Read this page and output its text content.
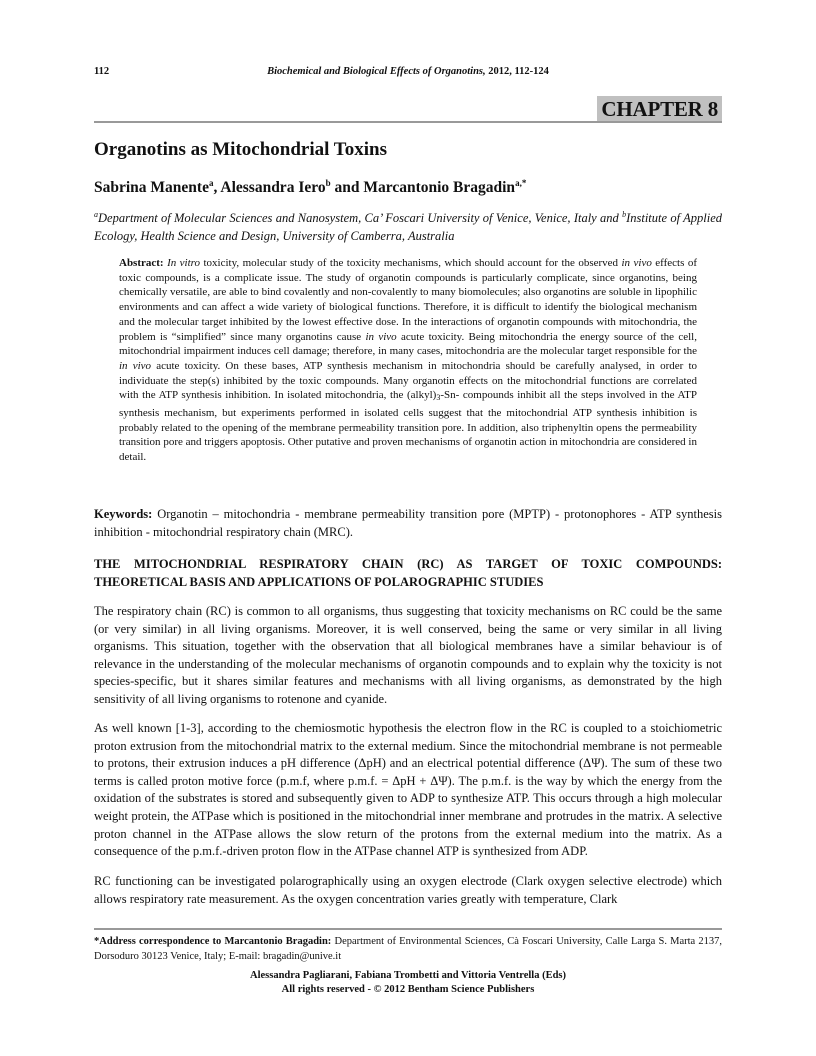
112	Biochemical and Biological Effects of Organotins, 2012, 112-124
CHAPTER 8
Organotins as Mitochondrial Toxins
Sabrina Manente$^a$, Alessandra Iero$^b$ and Marcantonio Bragadin$^{a,*}$
$^a$Department of Molecular Sciences and Nanosystem, Ca’ Foscari University of Venice, Venice, Italy and $^b$Institute of Applied Ecology, Health Science and Design, University of Camberra, Australia
Abstract: In vitro toxicity, molecular study of the toxicity mechanisms, which should account for the observed in vivo effects of toxic compounds, is a complicate issue. The study of organotin compounds is particularly complicate, since organotins, being chemically versatile, are able to bind covalently and non-covalently to many biomolecules; also organotins are soluble in lipophilic environments and can affect a wide variety of biological functions. Therefore, it is difficult to identify the biological mechanism and the molecular target inhibited by the lowest effective dose. In the interactions of organotin compounds with mitochondria, the problem is “simplified” since many organotins cause in vivo acute toxicity. Being mitochondria the energy source of the cell, mitochondrial impairment induces cell damage; therefore, in many cases, mitochondria are the molecular target responsible for the in vivo acute toxicity. On these bases, ATP synthesis mechanism in mitochondria should be carefully analysed, in order to individuate the step(s) inhibited by the toxic compounds. Many organotin effects on the mitochondrial functions are correlated with the ATP synthesis inhibition. In isolated mitochondria, the $(alkyl)_3-Sn-$ compounds inhibit all the steps involved in the ATP synthesis mechanism, but experiments performed in isolated cells suggest that the mitochondrial ATP synthesis inhibition is probably related to the opening of the membrane permeability transition pore. In addition, also triphenyltin opens the permeability transition pore and triggers apoptosis. Other putative and proven mechanisms of organotin action in mitochondria are considered in detail.
Keywords: Organotin – mitochondria - membrane permeability transition pore (MPTP) - protonophores - ATP synthesis inhibition - mitochondrial respiratory chain (MRC).
THE MITOCHONDRIAL RESPIRATORY CHAIN (RC) AS TARGET OF TOXIC COMPOUNDS: THEORETICAL BASIS AND APPLICATIONS OF POLAROGRAPHIC STUDIES
The respiratory chain (RC) is common to all organisms, thus suggesting that toxicity mechanisms on RC could be the same (or very similar) in all living organisms. Moreover, it is well conserved, being the same or very similar in all living organisms. This situation, together with the observation that all biological membranes have a similar behaviour is of relevance in the understanding of the molecular mechanisms of organotin compounds and to explain why the toxicity is not species-specific, but it shares similar features and mechanisms with all living organisms, as demonstrated by the high sensitivity of all living organisms to rotenone and cyanide.
As well known [1-3], according to the chemiosmotic hypothesis the electron flow in the RC is coupled to a stoichiometric proton extrusion from the mitochondrial matrix to the external medium. Since the mitochondrial membrane is not permeable to protons, their extrusion induces a pH difference (ΔpH) and an electrical potential difference (ΔΨ). The sum of these two terms is called proton motive force (p.m.f, where p.m.f. = ΔpH + ΔΨ). The p.m.f. is the way by which the energy from the oxidation of the substrates is stored and subsequently given to ADP to synthesize ATP. This occurs through a high molecular weight protein, the ATPase which is positioned in the mitochondrial inner membrane and protrudes in the matrix. A selective proton channel in the ATPase allows the slow return of the protons from the external medium into the matrix. As a consequence of the p.m.f.-driven proton flow in the ATPase channel ATP is synthesized from ADP.
RC functioning can be investigated polarographically using an oxygen electrode (Clark oxygen selective electrode) which allows respiratory rate measurement. As the oxygen concentration varies greatly with temperature, Clark
*Address correspondence to Marcantonio Bragadin: Department of Environmental Sciences, Cà Foscari University, Calle Larga S. Marta 2137, Dorsoduro 30123 Venice, Italy; E-mail: bragadin@unive.it
Alessandra Pagliarani, Fabiana Trombetti and Vittoria Ventrella (Eds)
All rights reserved - © 2012 Bentham Science Publishers
